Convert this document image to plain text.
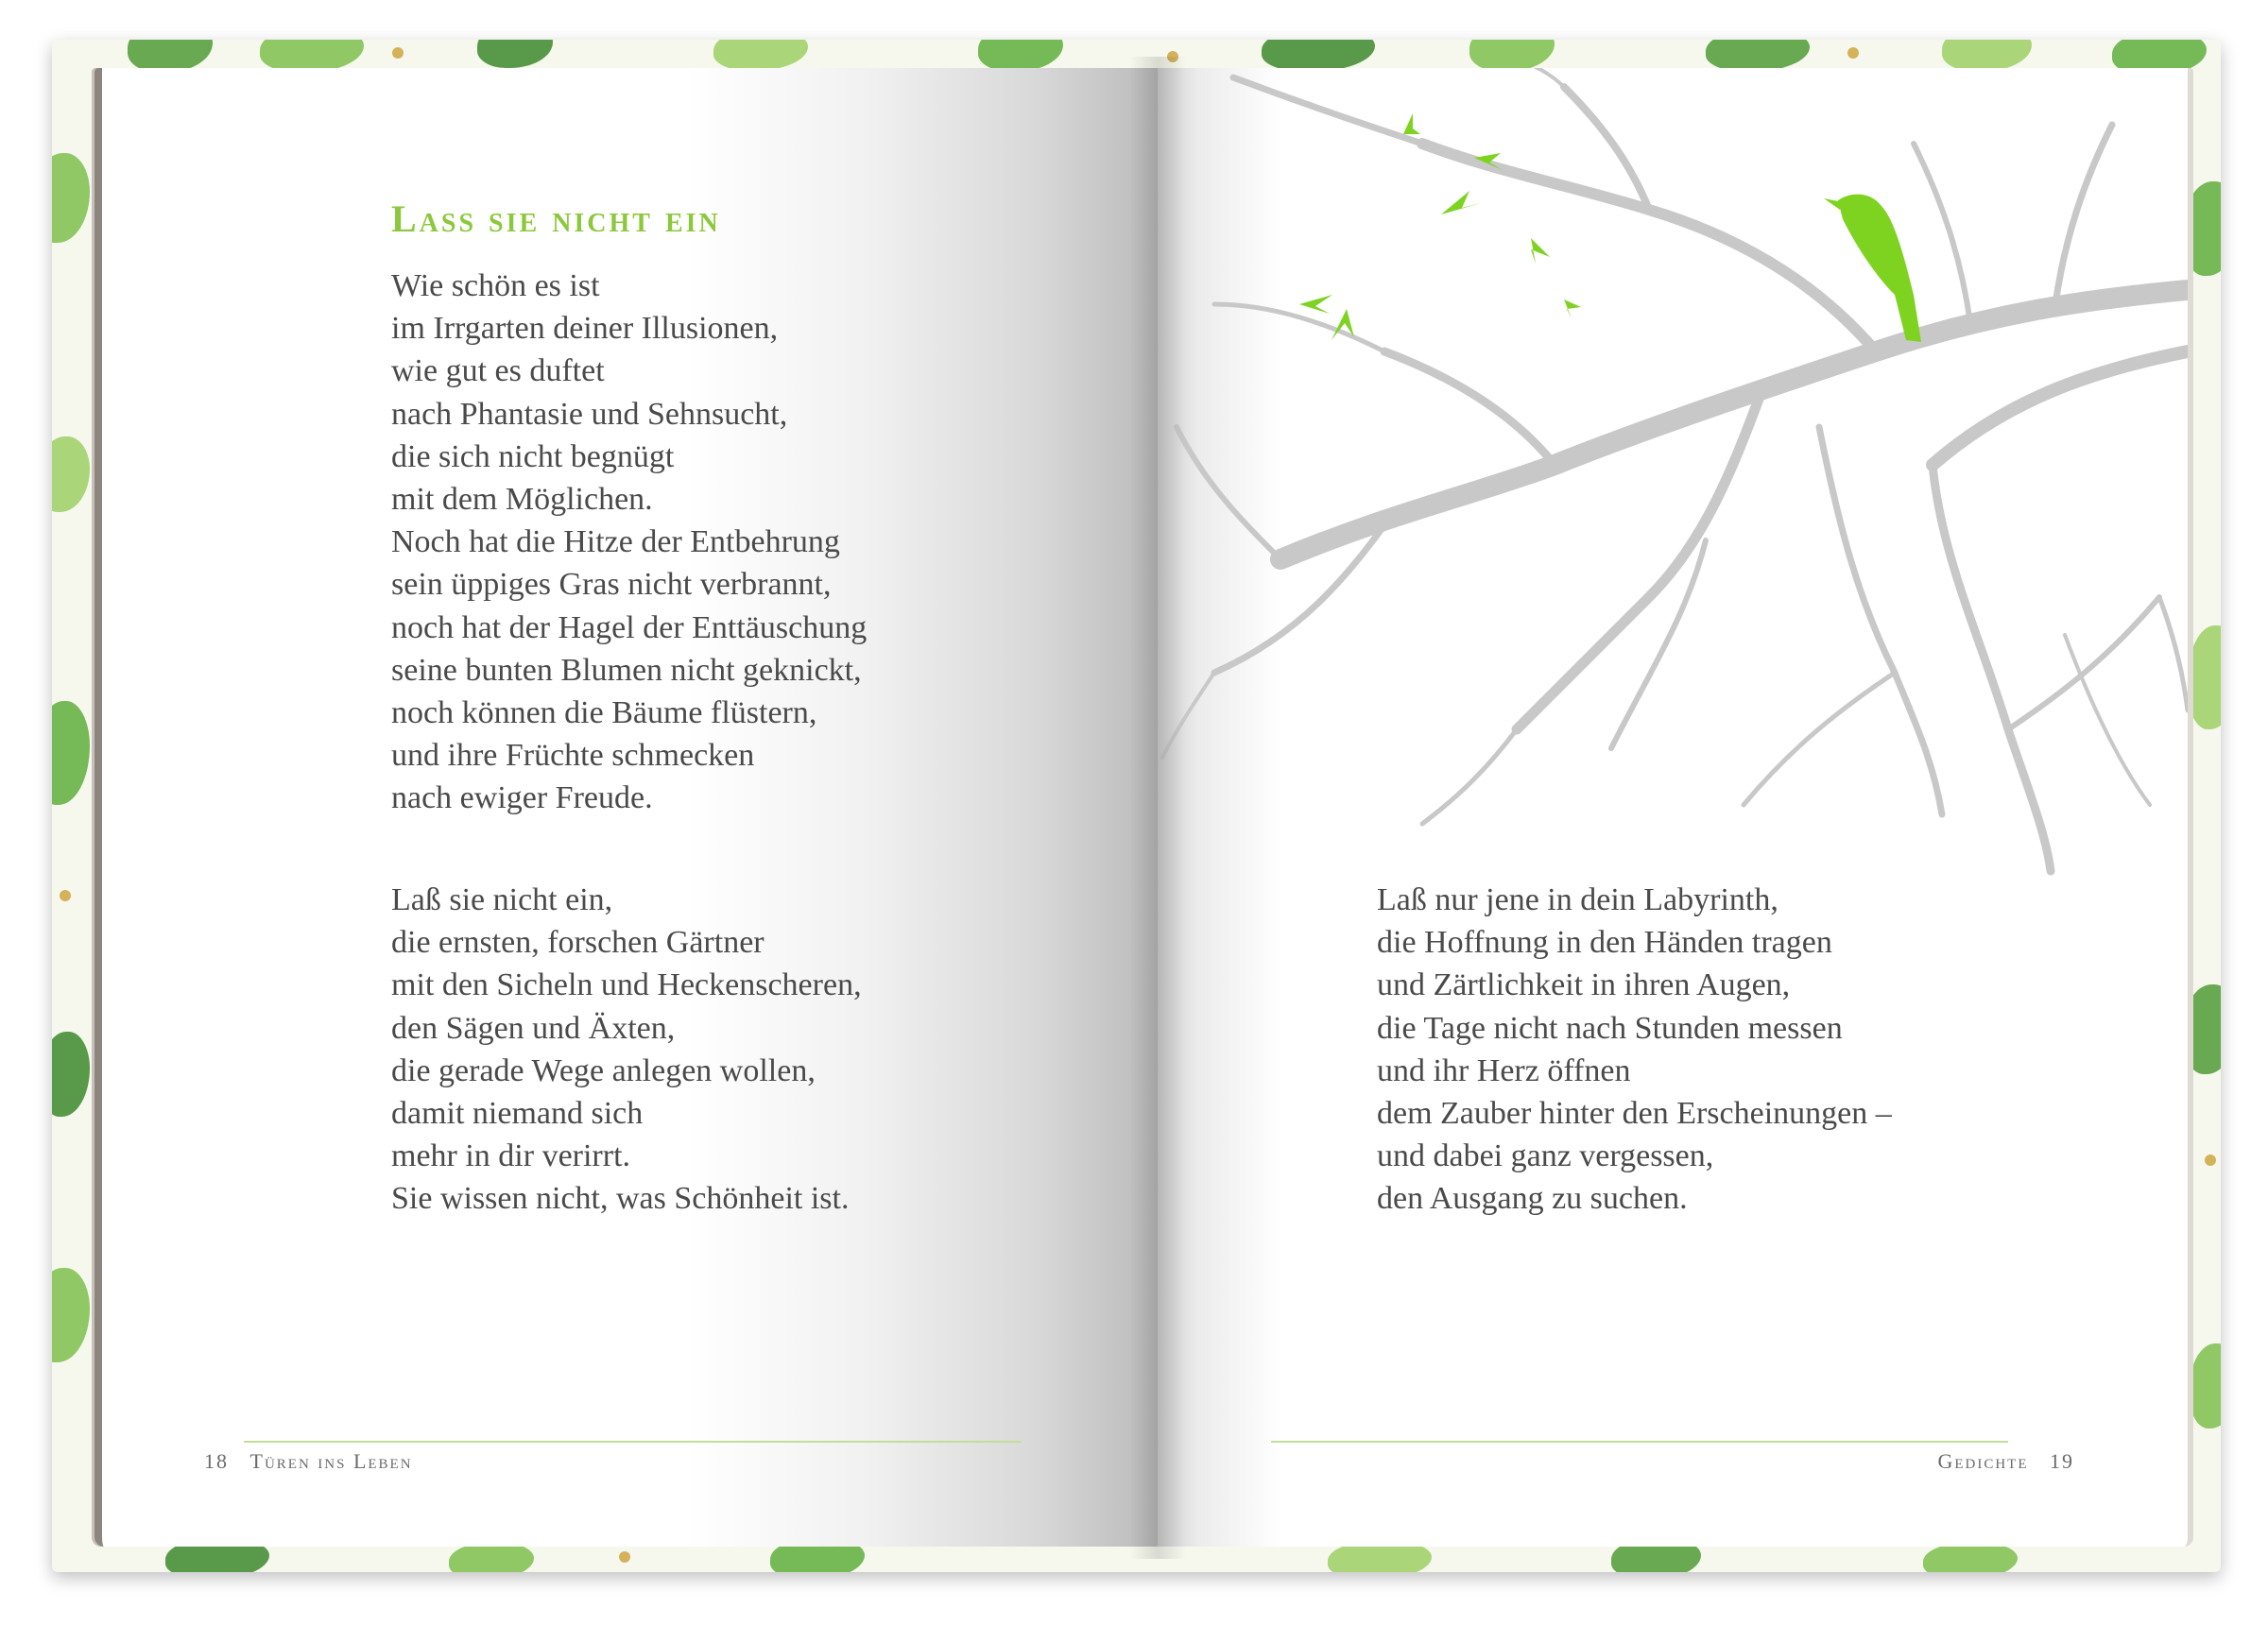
Lass sie nicht ein
Wie schön es ist
im Irrgarten deiner Illusionen,
wie gut es duftet
nach Phantasie und Sehnsucht,
die sich nicht begnügt
mit dem Möglichen.
Noch hat die Hitze der Entbehrung
sein üppiges Gras nicht verbrannt,
noch hat der Hagel der Enttäuschung
seine bunten Blumen nicht geknickt,
noch können die Bäume flüstern,
und ihre Früchte schmecken
nach ewiger Freude.
Laß sie nicht ein,
die ernsten, forschen Gärtner
mit den Sicheln und Heckenscheren,
den Sägen und Äxten,
die gerade Wege anlegen wollen,
damit niemand sich
mehr in dir verirrt.
Sie wissen nicht, was Schönheit ist.
18 Türen ins Leben
Laß nur jene in dein Labyrinth,
die Hoffnung in den Händen tragen
und Zärtlichkeit in ihren Augen,
die Tage nicht nach Stunden messen
und ihr Herz öffnen
dem Zauber hinter den Erscheinungen –
und dabei ganz vergessen,
den Ausgang zu suchen.
Gedichte 19
